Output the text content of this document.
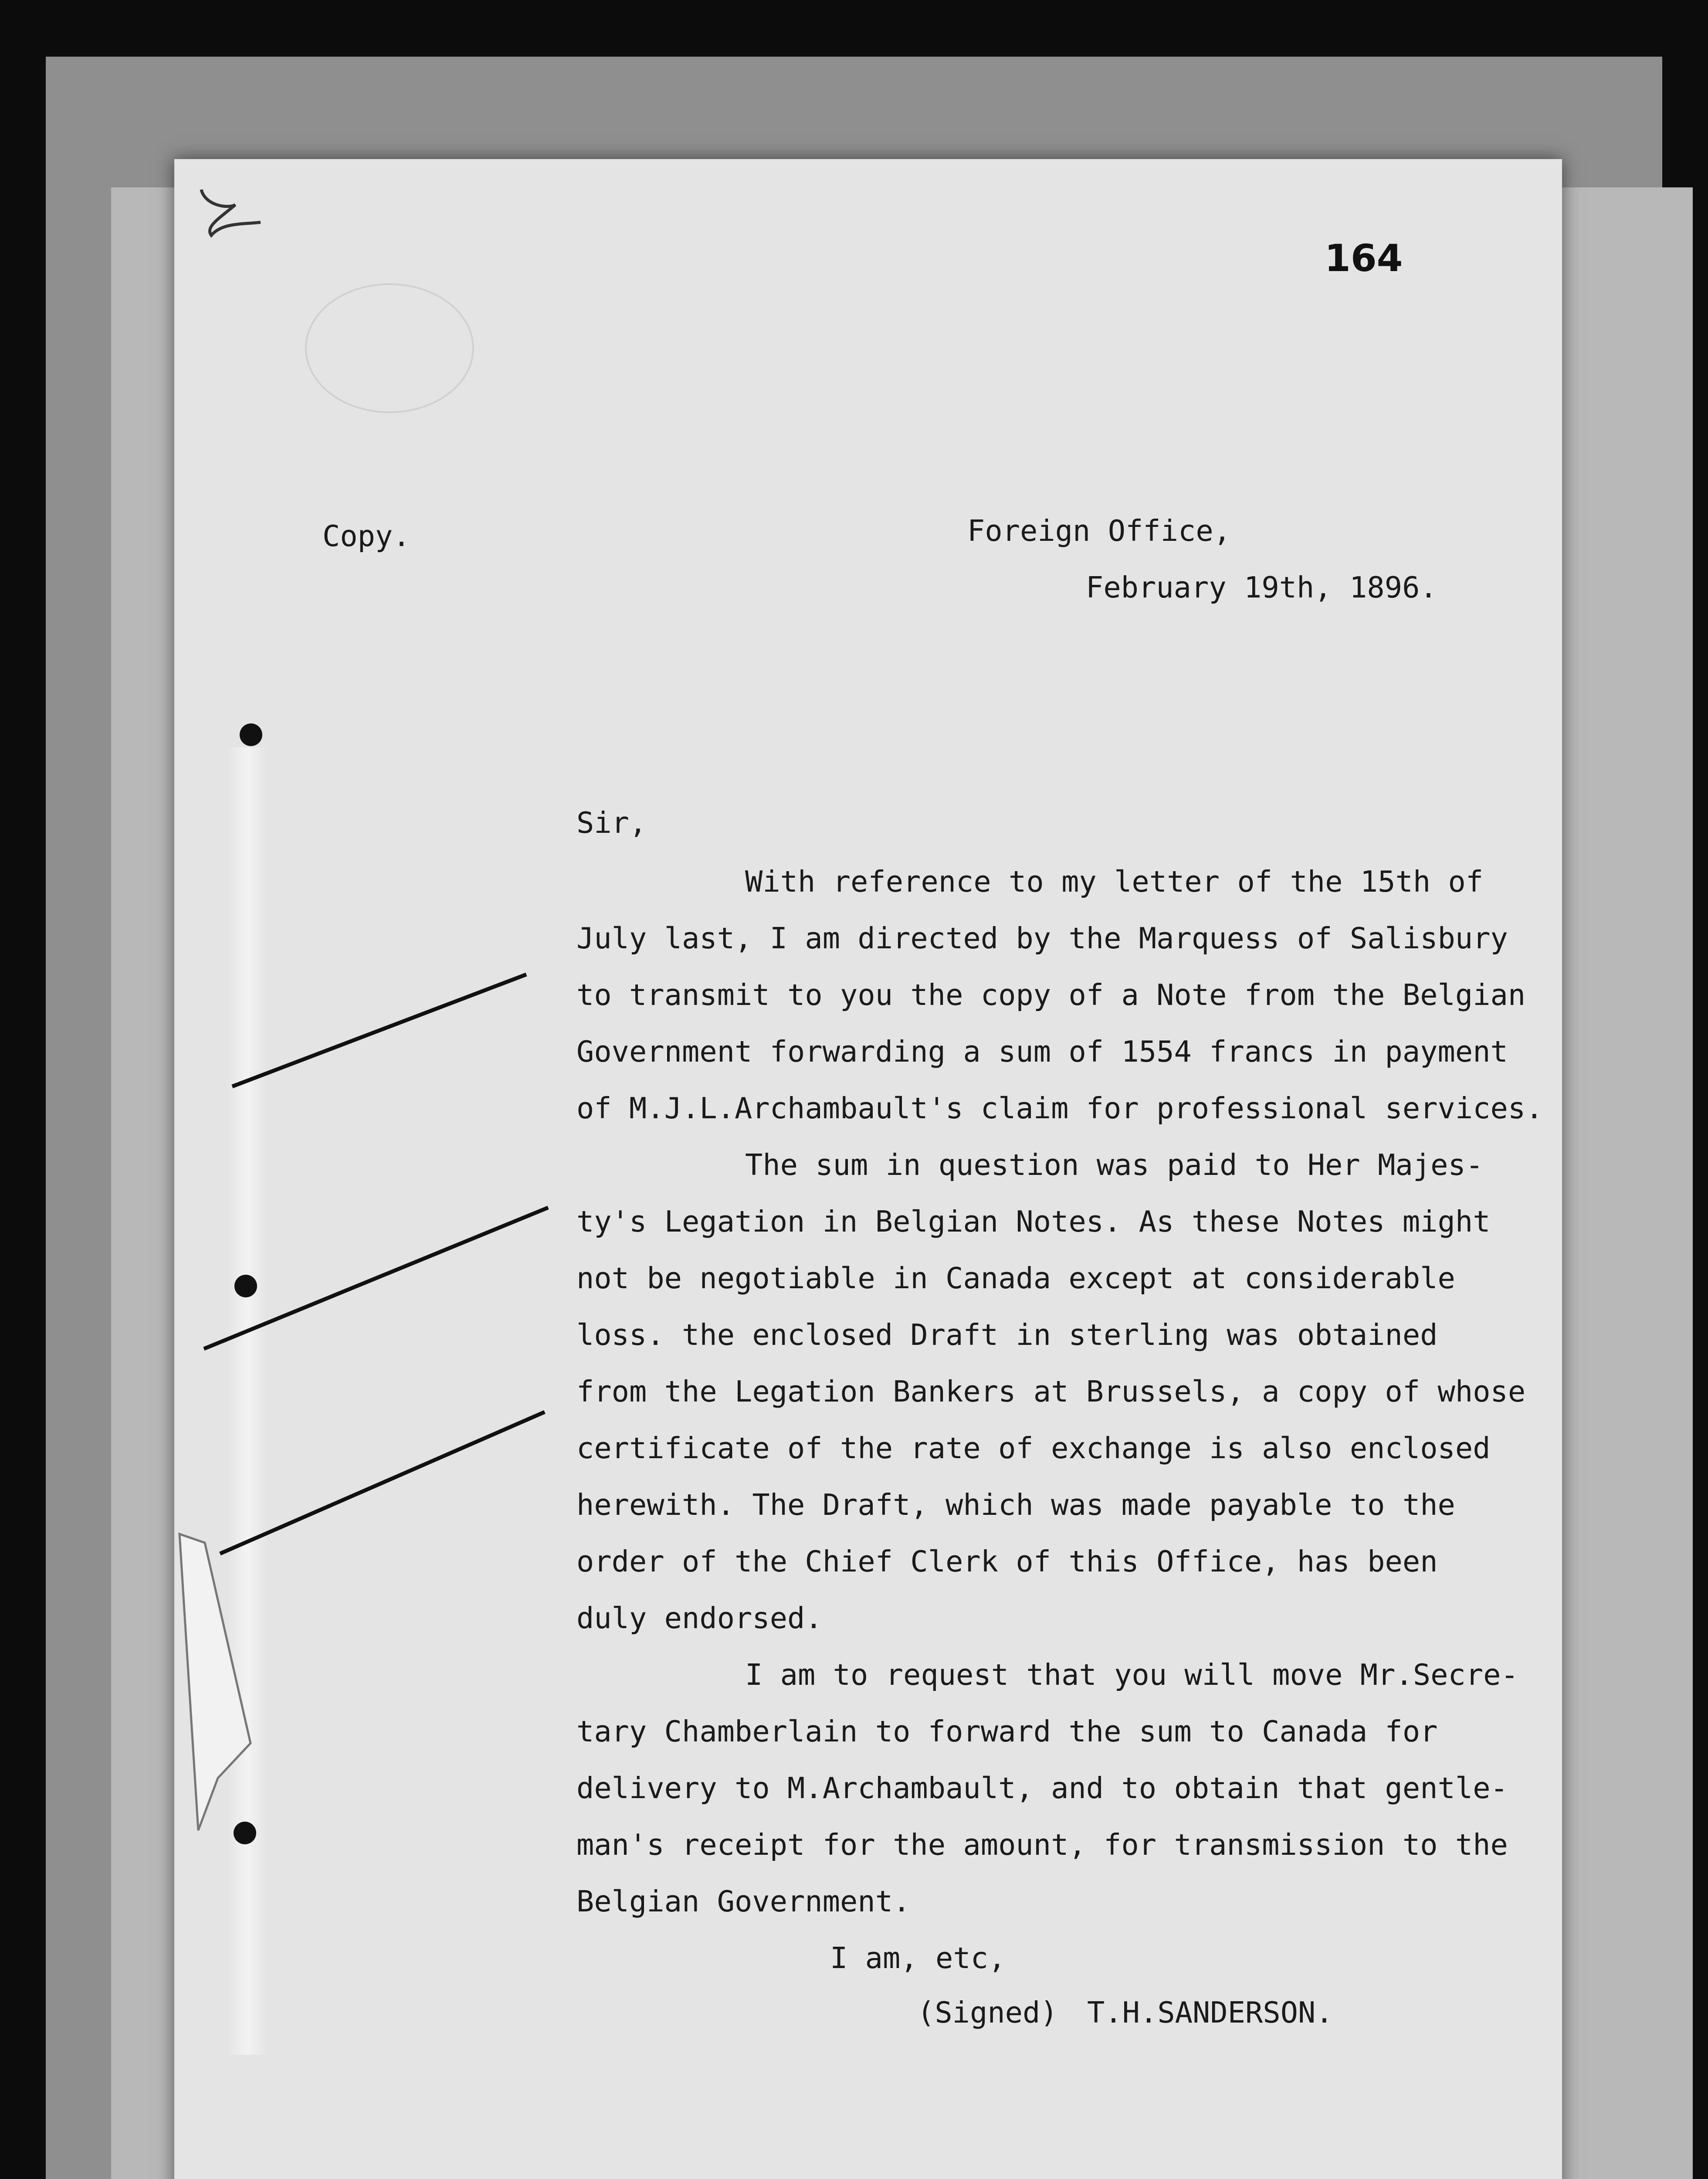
164
Copy.	Foreign Office,
February 19th, 1896.
Sir,
With reference to my letter of the 15th of
July last, I am directed by the Marquess of Salisbury
to transmit to you the copy of a Note from the Belgian
Government forwarding a sum of 1554 francs in payment
of M.J.L.Archambault's claim for professional services.
The sum in question was paid to Her Majes-
ty's Legation in Belgian Notes. As these Notes might
not be negotiable in Canada except at considerable
loss. the enclosed Draft in sterling was obtained
from the Legation Bankers at Brussels, a copy of whose
certificate of the rate of exchange is also enclosed
herewith. The Draft, which was made payable to the
order of the Chief Clerk of this Office, has been
duly endorsed.
I am to request that you will move Mr.Secre-
tary Chamberlain to forward the sum to Canada for
delivery to M.Archambault, and to obtain that gentle-
man's receipt for the amount, for transmission to the
Belgian Government.
I am, etc,
(Signed) T.H.SANDERSON.
